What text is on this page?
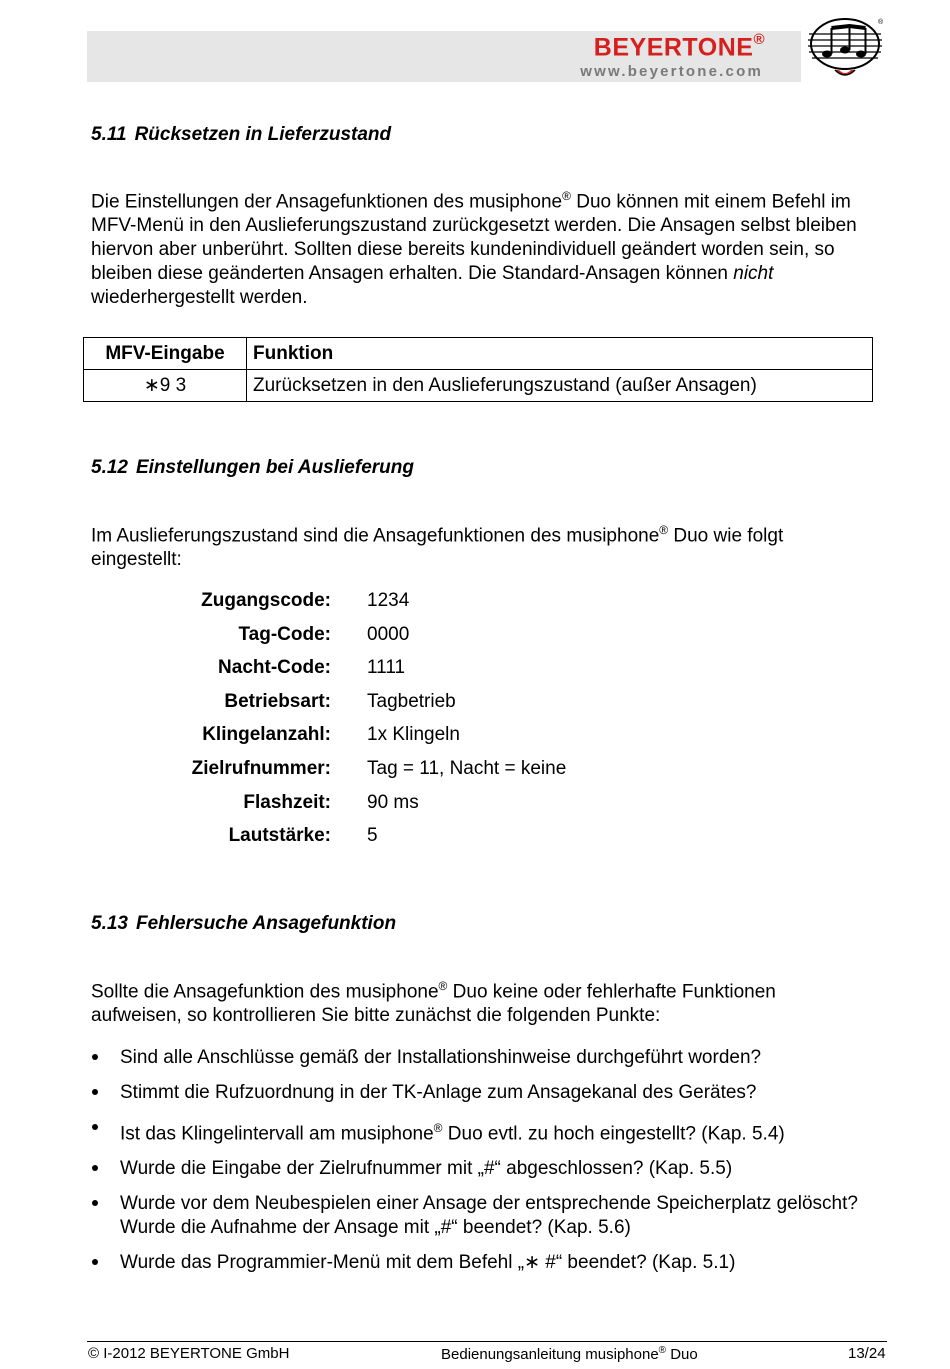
BEYERTONE®
www.beyertone.com
®
5.11 Rücksetzen in Lieferzustand
Die Einstellungen der Ansagefunktionen des musiphone® Duo können mit einem Befehl im MFV-Menü in den Auslieferungszustand zurückgesetzt werden. Die Ansagen selbst bleiben hiervon aber unberührt. Sollten diese bereits kundenindividuell geändert worden sein, so bleiben diese geänderten Ansagen erhalten. Die Standard-Ansagen können nicht wiederhergestellt werden.
MFV-Eingabe	Funktion
∗9 3	Zurücksetzen in den Auslieferungszustand (außer Ansagen)
5.12 Einstellungen bei Auslieferung
Im Auslieferungszustand sind die Ansagefunktionen des musiphone® Duo wie folgt eingestellt:
Zugangscode: 1234
Tag-Code: 0000
Nacht-Code: 1111
Betriebsart: Tagbetrieb
Klingelanzahl: 1x Klingeln
Zielrufnummer: Tag = 11, Nacht = keine
Flashzeit: 90 ms
Lautstärke: 5
5.13 Fehlersuche Ansagefunktion
Sollte die Ansagefunktion des musiphone® Duo keine oder fehlerhafte Funktionen aufweisen, so kontrollieren Sie bitte zunächst die folgenden Punkte:
Sind alle Anschlüsse gemäß der Installationshinweise durchgeführt worden?
Stimmt die Rufzuordnung in der TK-Anlage zum Ansagekanal des Gerätes?
Ist das Klingelintervall am musiphone® Duo evtl. zu hoch eingestellt? (Kap. 5.4)
Wurde die Eingabe der Zielrufnummer mit „#“ abgeschlossen? (Kap. 5.5)
Wurde vor dem Neubespielen einer Ansage der entsprechende Speicherplatz gelöscht? Wurde die Aufnahme der Ansage mit „#“ beendet? (Kap. 5.6)
Wurde das Programmier-Menü mit dem Befehl „∗ #“ beendet? (Kap. 5.1)
© I-2012 BEYERTONE GmbH	Bedienungsanleitung musiphone® Duo	13/24
